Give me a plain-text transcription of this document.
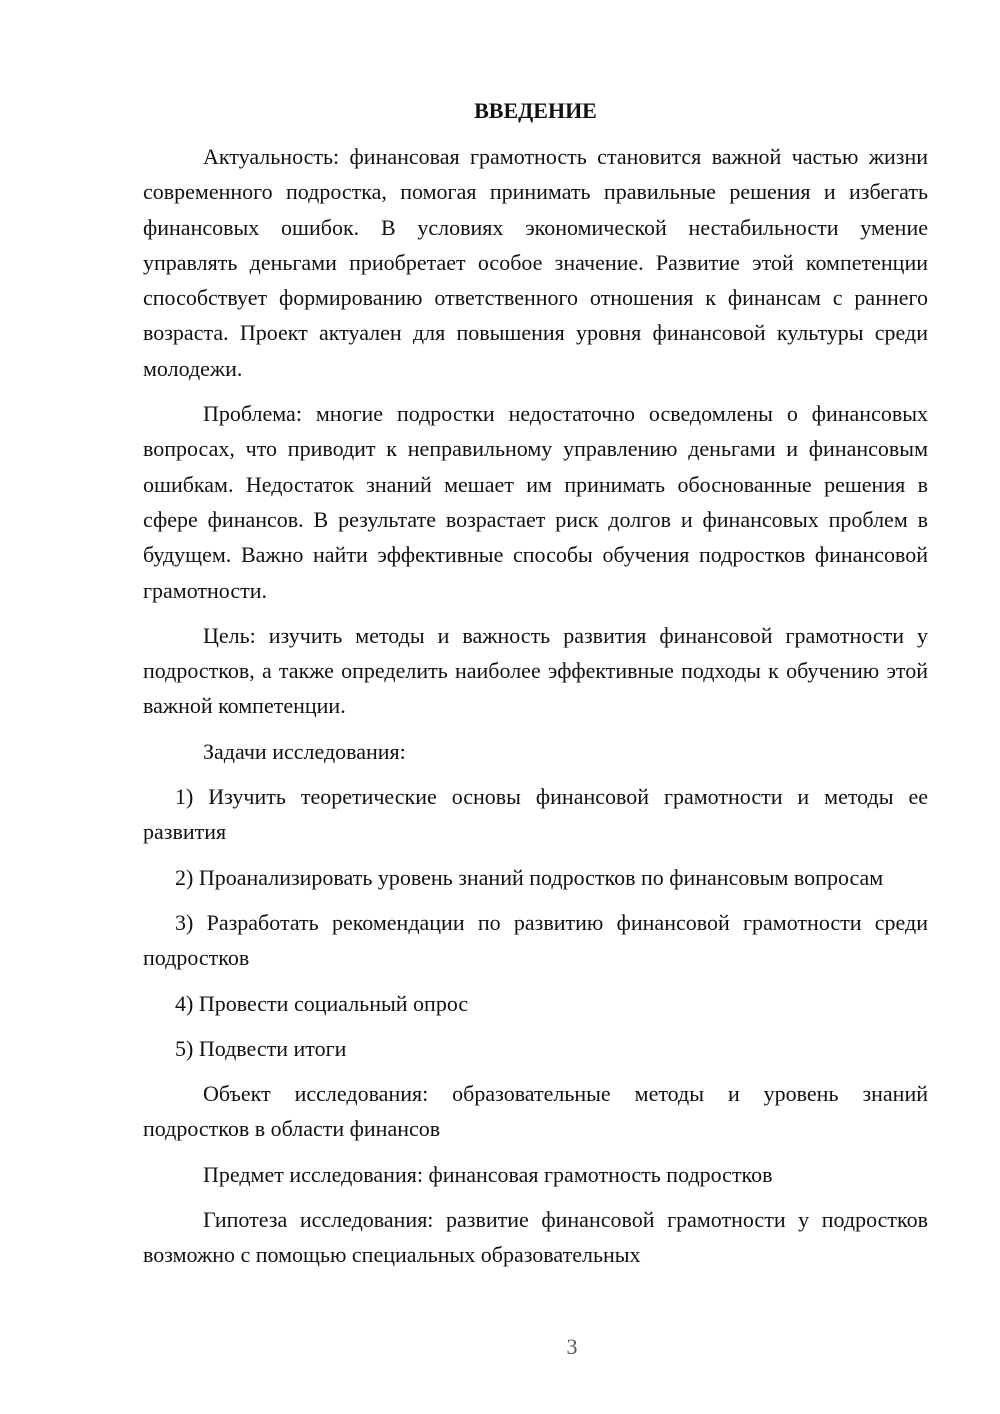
ВВЕДЕНИЕ

Актуальность: финансовая грамотность становится важной частью жизни современного подростка, помогая принимать правильные решения и избегать финансовых ошибок. В условиях экономической нестабильности умение управлять деньгами приобретает особое значение. Развитие этой компетенции способствует формированию ответственного отношения к финансам с раннего возраста. Проект актуален для повышения уровня финансовой культуры среди молодежи.

Проблема: многие подростки недостаточно осведомлены о финансовых вопросах, что приводит к неправильному управлению деньгами и финансовым ошибкам. Недостаток знаний мешает им принимать обоснованные решения в сфере финансов. В результате возрастает риск долгов и финансовых проблем в будущем. Важно найти эффективные способы обучения подростков финансовой грамотности.

Цель: изучить методы и важность развития финансовой грамотности у подростков, а также определить наиболее эффективные подходы к обучению этой важной компетенции.

Задачи исследования:

1) Изучить теоретические основы финансовой грамотности и методы ее развития

2) Проанализировать уровень знаний подростков по финансовым вопросам

3) Разработать рекомендации по развитию финансовой грамотности среди подростков

4) Провести социальный опрос

5) Подвести итоги

Объект исследования: образовательные методы и уровень знаний подростков в области финансов

Предмет исследования: финансовая грамотность подростков

Гипотеза исследования: развитие финансовой грамотности у подростков возможно с помощью специальных образовательных

3
